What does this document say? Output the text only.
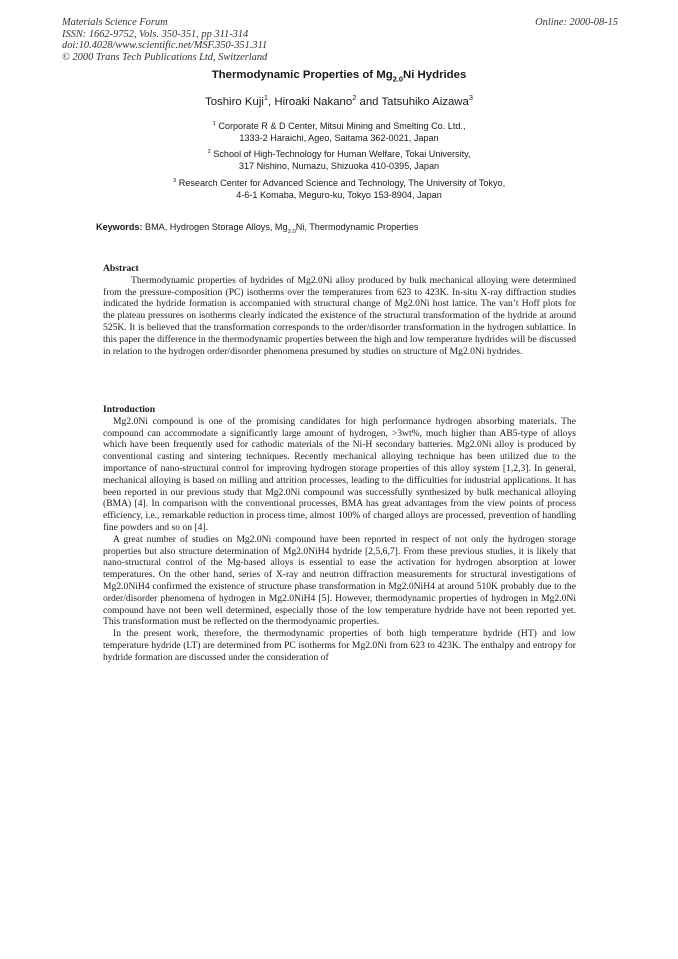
Materials Science Forum
ISSN: 1662-9752, Vols. 350-351, pp 311-314
doi:10.4028/www.scientific.net/MSF.350-351.311
© 2000 Trans Tech Publications Ltd, Switzerland
Online: 2000-08-15
Thermodynamic Properties of $Mg_{2.0}Ni$ Hydrides
Toshiro Kuji$^1$, Hiroaki Nakano$^2$ and Tatsuhiko Aizawa$^3$
$^1$ Corporate R & D Center, Mitsui Mining and Smelting Co. Ltd.,
1333-2 Haraichi, Ageo, Saitama 362-0021, Japan
$^2$ School of High-Technology for Human Welfare, Tokai University,
317 Nishino, Numazu, Shizuoka 410-0395, Japan
$^3$ Research Center for Advanced Science and Technology, The University of Tokyo,
4-6-1 Komaba, Meguro-ku, Tokyo 153-8904, Japan
Keywords: BMA, Hydrogen Storage Alloys, $Mg_{2.0}Ni$, Thermodynamic Properties
Abstract

Thermodynamic properties of hydrides of Mg2.0Ni alloy produced by bulk mechanical alloying were determined from the pressure-composition (PC) isotherms over the temperatures from 623 to 423K. In-situ X-ray diffraction studies indicated the hydride formation is accompanied with structural change of Mg2.0Ni host lattice. The van’t Hoff plots for the plateau pressures on isotherms clearly indicated the existence of the structural transformation of the hydride at around 525K. It is believed that the transformation corresponds to the order/disorder transformation in the hydrogen sublattice. In this paper the difference in the thermodynamic properties between the high and low temperature hydrides will be discussed in relation to the hydrogen order/disorder phenomena presumed by studies on structure of Mg2.0Ni hydrides.

Introduction

Mg2.0Ni compound is one of the promising candidates for high performance hydrogen absorbing materials. The compound can accommodate a significantly large amount of hydrogen, >3wt%, much higher than AB5-type of alloys which have been frequently used for cathodic materials of the Ni-H secondary batteries. Mg2.0Ni alloy is produced by conventional casting and sintering techniques. Recently mechanical alloying technique has been utilized due to the importance of nano-structural control for improving hydrogen storage properties of this alloy system [1,2,3]. In general, mechanical alloying is based on milling and attrition processes, leading to the difficulties for industrial applications. It has been reported in our previous study that Mg2.0Ni compound was successfully synthesized by bulk mechanical alloying (BMA) [4]. In comparison with the conventional processes, BMA has great advantages from the view points of process efficiency, i.e., remarkable reduction in process time, almost 100% of charged alloys are processed, prevention of handling fine powders and so on [4].

A great number of studies on Mg2.0Ni compound have been reported in respect of not only the hydrogen storage properties but also structure determination of Mg2.0NiH4 hydride [2,5,6,7]. From these previous studies, it is likely that nano-structural control of the Mg-based alloys is essential to ease the activation for hydrogen absorption at lower temperatures. On the other hand, series of X-ray and neutron diffraction measurements for structural investigations of Mg2.0NiH4 confirmed the existence of structure phase transformation in Mg2.0NiH4 at around 510K probably due to the order/disorder phenomena of hydrogen in Mg2.0NiH4 [5]. However, thermodynamic properties of hydrogen in Mg2.0Ni compound have not been well determined, especially those of the low temperature hydride have not been reported yet. This transformation must be reflected on the thermodynamic properties.

In the present work, therefore, the thermodynamic properties of both high temperature hydride (HT) and low temperature hydride (LT) are determined from PC isotherms for Mg2.0Ni from 623 to 423K. The enthalpy and entropy for hydride formation are discussed under the consideration of
